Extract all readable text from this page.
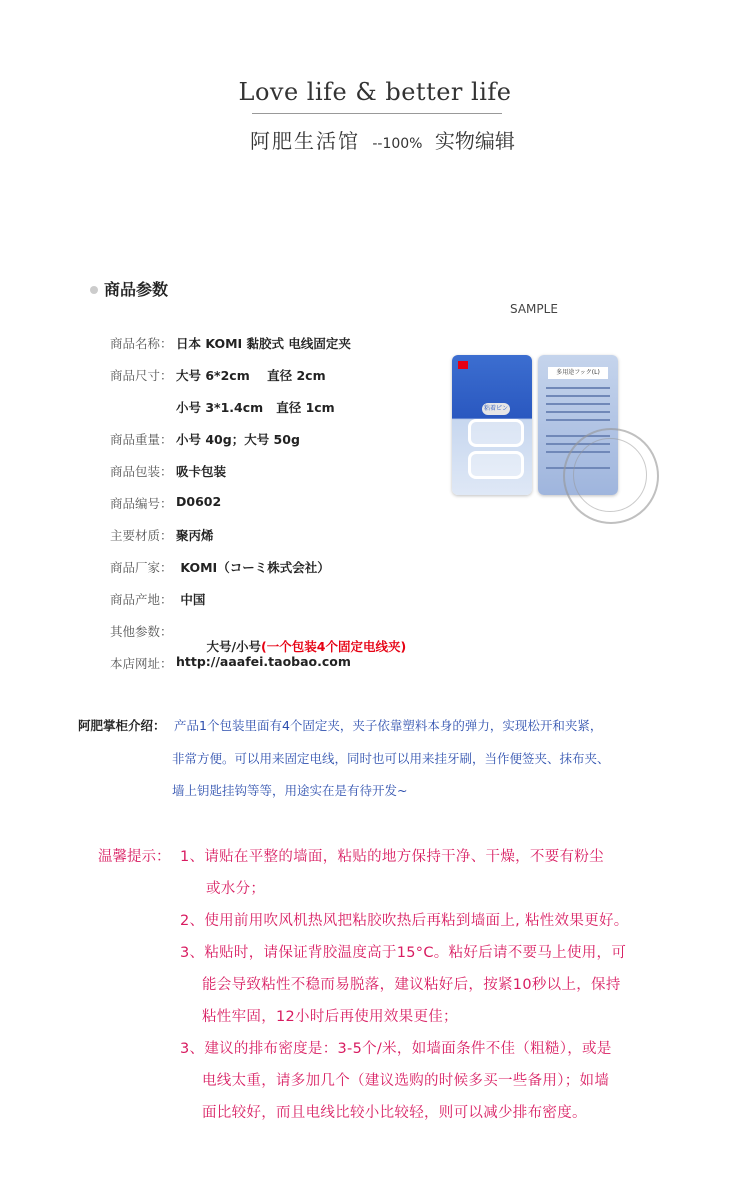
Love life & better life
阿肥生活馆 --100% 实物编辑
商品参数
SAMPLE
商品名称： 日本 KOMI 黏胶式 电线固定夹
商品尺寸： 大号 6*2cm    直径 2cm
小号 3*1.4cm   直径 1cm
商品重量： 小号 40g；大号 50g
商品包装： 吸卡包装
商品编号： D0602
主要材质： 聚丙烯
商品厂家： KOMI（コーミ株式会社）
商品产地： 中国
其他参数：

大号/小号(一个包装4个固定电线夹)

本店网址： http://aaafei.taobao.com
粘着ピン
多用途フック(L)
阿肥掌柜介绍： 产品1个包装里面有4个固定夹，夹子依靠塑料本身的弹力，实现松开和夹紧，
非常方便。可以用来固定电线，同时也可以用来挂牙刷，当作便签夹、抹布夹、
墙上钥匙挂钩等等，用途实在是有待开发~
温馨提示： 1、请贴在平整的墙面，粘贴的地方保持干净、干燥，不要有粉尘
或水分；
2、使用前用吹风机热风把粘胶吹热后再粘到墙面上, 粘性效果更好。
3、粘贴时，请保证背胶温度高于15°C。粘好后请不要马上使用，可
能会导致粘性不稳而易脱落，建议粘好后，按紧10秒以上，保持
粘性牢固，12小时后再使用效果更佳；
3、建议的排布密度是：3-5个/米，如墙面条件不佳（粗糙），或是
电线太重，请多加几个（建议选购的时候多买一些备用）；如墙
面比较好，而且电线比较小比较轻，则可以减少排布密度。
